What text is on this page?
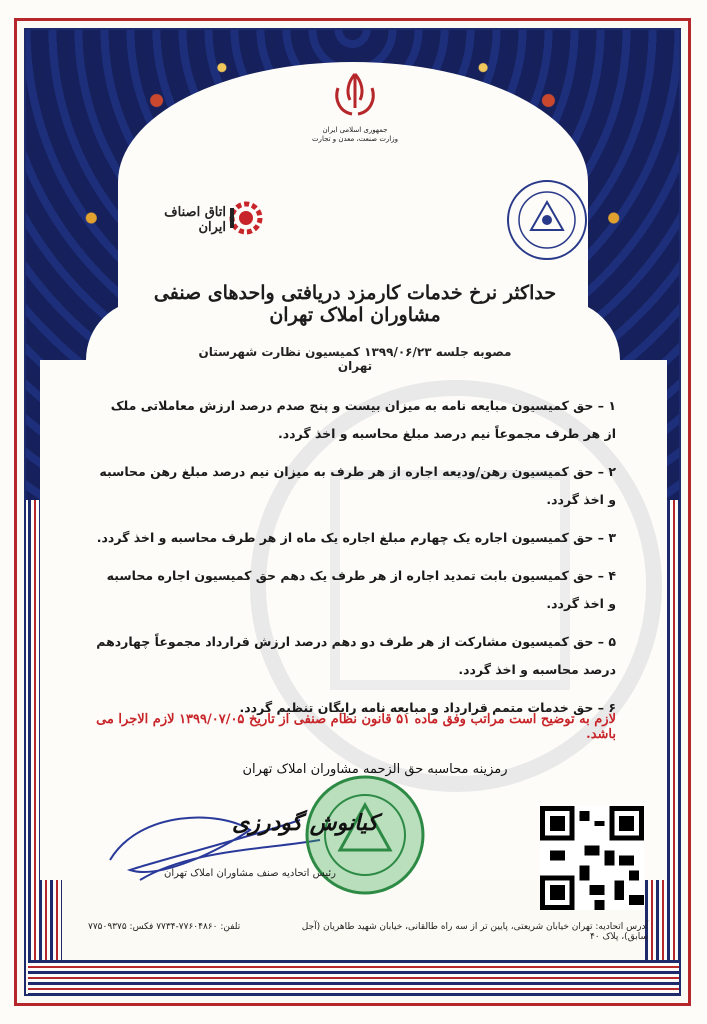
جمهوری اسلامی ایران
وزارت صنعت، معدن و تجارت
اتاق اصناف ایران
حداکثر نرخ خدمات کارمزد دریافتی واحدهای صنفی مشاوران املاک تهران
مصوبه جلسه ۱۳۹۹/۰۶/۲۳ کمیسیون نظارت شهرستان تهران

۱ – حق کمیسیون مبایعه نامه به میزان بیست و پنج صدم درصد ارزش معاملاتی ملک از هر طرف مجموعاً نیم درصد مبلغ محاسبه و اخذ گردد.

۲ – حق کمیسیون رهن/ودیعه اجاره از هر طرف به میزان نیم درصد مبلغ رهن محاسبه و اخذ گردد.

۳ – حق کمیسیون اجاره یک چهارم مبلغ اجاره یک ماه از هر طرف محاسبه و اخذ گردد.

۴ – حق کمیسیون بابت تمدید اجاره از هر طرف یک دهم حق کمیسیون اجاره محاسبه و اخذ گردد.

۵ – حق کمیسیون مشارکت از هر طرف دو دهم درصد ارزش قرارداد مجموعاً چهاردهم درصد محاسبه و اخذ گردد.

۶ – حق خدمات متمم قرارداد و مبایعه نامه رایگان تنظیم گردد.

لازم به توضیح است مراتب وفق ماده ۵۱ قانون نظام صنفی از تاریخ ۱۳۹۹/۰۷/۰۵ لازم الاجرا می باشد.
رمزینه محاسبه حق الزحمه مشاوران املاک تهران
کیانوش گودرزی
رئیس اتحادیه صنف مشاوران املاک تهران
تلفن: ۷۷۶۰۴۸۶۰-۷۷۳۴ فکس: ۷۷۵۰۹۳۷۵	آدرس اتحادیه: تهران خیابان شریعتی، پایین تر از سه راه طالقانی، خیابان شهید طاهریان (آجل سابق)، پلاک ۴۰
